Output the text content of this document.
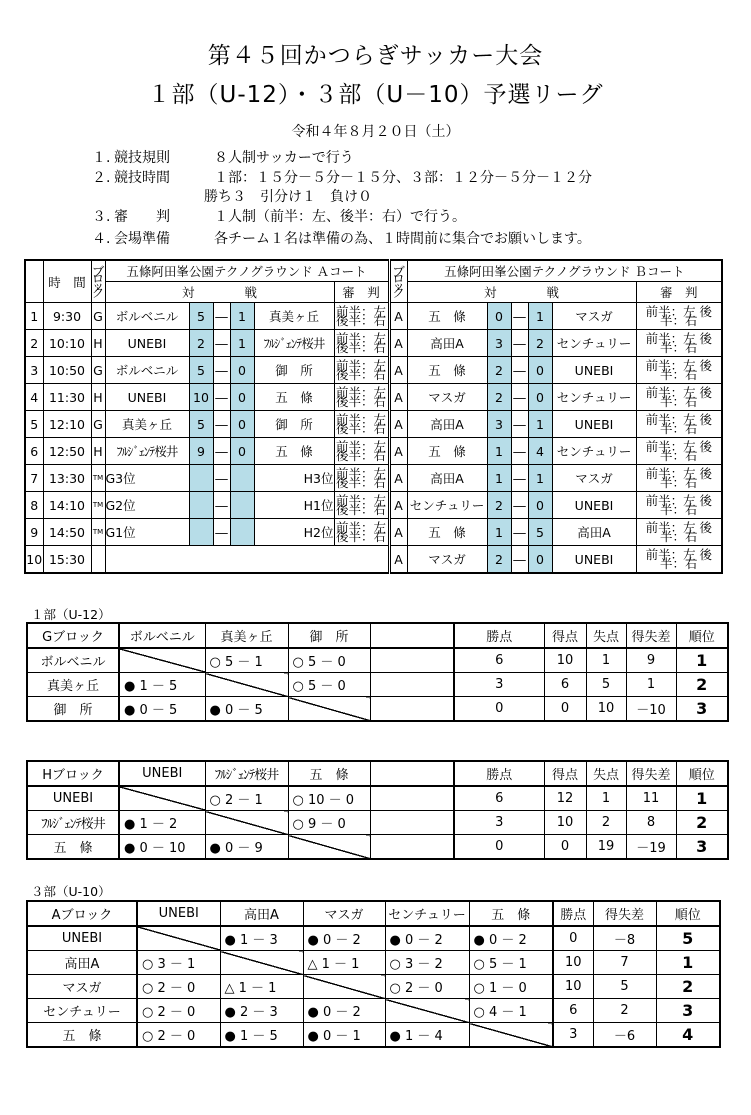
第４５回かつらぎサッカー大会
１部（U-12）・３部（U－10）予選リーグ
令和４年８月２０日（土）
１. 競技規則	８人制サッカーで行う
２. 競技時間	１部：１５分－５分－１５分、３部：１２分－５分－１２分
勝ち３　引分け１　負け０
３. 審　　判	１人制（前半：左、後半：右）で行う。
４. 会場準備	各チーム１名は準備の為、１時間前に集合でお願いします。
	時　間	ブロック	五條阿田峯公園テクノグラウンド Ａコート						ブロック	五條阿田峯公園テクノグラウンド Ｂコート					
			対　　　　戦					審　判		対　　　　戦					審　判
1	9:30	G	ボルベニル	5	―	1	真美ヶ丘	前半：左 後半：右	A	五　條	0	―	1	マスガ	前半：左 後半：右
2	10:10	H	UNEBI	2	―	1	ﾌﾙｼﾞｪﾝﾃ桜井	前半：左 後半：右	A	高田A	3	―	2	センチュリー	前半：左 後半：右
3	10:50	G	ボルベニル	5	―	0	御　所	前半：左 後半：右	A	五　條	2	―	0	UNEBI	前半：左 後半：右
4	11:30	H	UNEBI	10	―	0	五　條	前半：左 後半：右	A	マスガ	2	―	0	センチュリー	前半：左 後半：右
5	12:10	G	真美ヶ丘	5	―	0	御　所	前半：左 後半：右	A	高田A	3	―	1	UNEBI	前半：左 後半：右
6	12:50	H	ﾌﾙｼﾞｪﾝﾃ桜井	9	―	0	五　條	前半：左 後半：右	A	五　條	1	―	4	センチュリー	前半：左 後半：右
7	13:30	TM	G3位		―		H3位	前半：左 後半：右	A	高田A	1	―	1	マスガ	前半：左 後半：右
8	14:10	TM	G2位		―		H1位	前半：左 後半：右	A	センチュリー	2	―	0	UNEBI	前半：左 後半：右
9	14:50	TM	G1位		―		H2位	前半：左 後半：右	A	五　條	1	―	5	高田A	前半：左 後半：右
10	15:30								A	マスガ	2	―	0	UNEBI	前半：左 後半：右
１部（U-12）
Gブロック	ボルベニル	真美ヶ丘	御　所		勝点	得点	失点	得失差	順位
ボルベニル		○ 5 － 1	○ 5 － 0		6	10	1	9	1
真美ヶ丘	● 1 － 5		○ 5 － 0		3	6	5	1	2
御　所	● 0 － 5	● 0 － 5			0	0	10	－10	3
Hブロック	UNEBI	ﾌﾙｼﾞｪﾝﾃ桜井	五　條		勝点	得点	失点	得失差	順位
UNEBI		○ 2 － 1	○ 10 － 0		6	12	1	11	1
ﾌﾙｼﾞｪﾝﾃ桜井	● 1 － 2		○ 9 － 0		3	10	2	8	2
五　條	● 0 － 10	● 0 － 9			0	0	19	－19	3
３部（U-10）
Aブロック	UNEBI	高田A	マスガ	センチュリー	五　條	勝点	得失差	順位
UNEBI		● 1 － 3	● 0 － 2	● 0 － 2	● 0 － 2	0	－8	5
高田A	○ 3 － 1		△ 1 － 1	○ 3 － 2	○ 5 － 1	10	7	1
マスガ	○ 2 － 0	△ 1 － 1		○ 2 － 0	○ 1 － 0	10	5	2
センチュリー	○ 2 － 0	● 2 － 3	● 0 － 2		○ 4 － 1	6	2	3
五　條	○ 2 － 0	● 1 － 5	● 0 － 1	● 1 － 4		3	－6	4
